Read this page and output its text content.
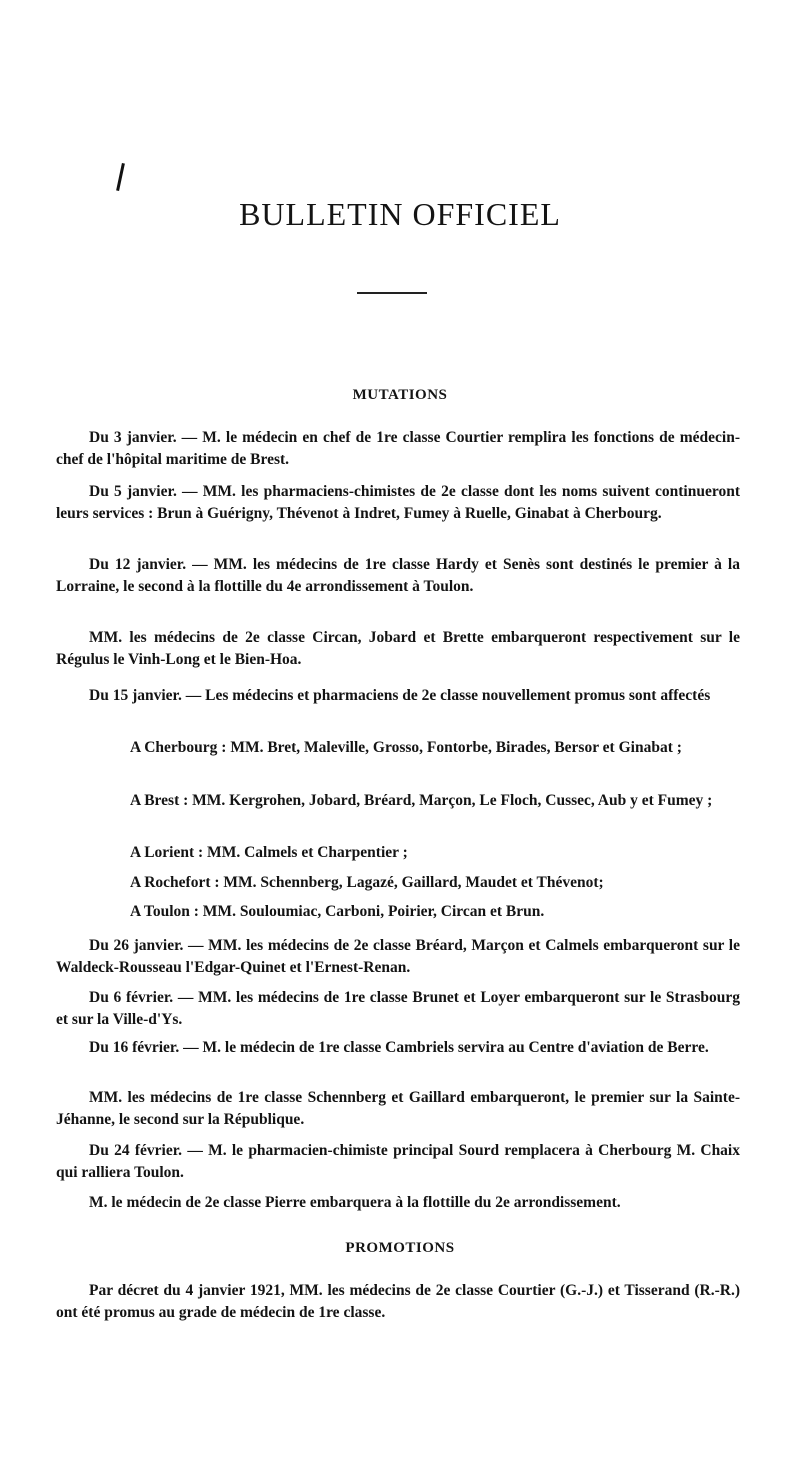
BULLETIN OFFICIEL
MUTATIONS
Du 3 janvier. — M. le médecin en chef de 1re classe Courtier remplira les fonctions de médecin-chef de l'hôpital maritime de Brest.
Du 5 janvier. — MM. les pharmaciens-chimistes de 2e classe dont les noms suivent continueront leurs services : Brun à Guérigny, Thévenot à Indret, Fumey à Ruelle, Ginabat à Cherbourg.
Du 12 janvier. — MM. les médecins de 1re classe Hardy et Senès sont destinés le premier à la Lorraine, le second à la flottille du 4e arrondissement à Toulon.
MM. les médecins de 2e classe Circan, Jobard et Brette embarqueront respectivement sur le Régulus le Vinh-Long et le Bien-Hoa.
Du 15 janvier. — Les médecins et pharmaciens de 2e classe nouvellement promus sont affectés
A Cherbourg : MM. Bret, Maleville, Grosso, Fontorbe, Birades, Bersor et Ginabat ;
A Brest : MM. Kergrohen, Jobard, Bréard, Marçon, Le Floch, Cussec, Aub y et Fumey ;
A Lorient : MM. Calmels et Charpentier ;
A Rochefort : MM. Schennberg, Lagazé, Gaillard, Maudet et Thévenot;
A Toulon : MM. Souloumiac, Carboni, Poirier, Circan et Brun.
Du 26 janvier. — MM. les médecins de 2e classe Bréard, Marçon et Calmels embarqueront sur le Waldeck-Rousseau l'Edgar-Quinet et l'Ernest-Renan.
Du 6 février. — MM. les médecins de 1re classe Brunet et Loyer embarqueront sur le Strasbourg et sur la Ville-d'Ys.
Du 16 février. — M. le médecin de 1re classe Cambriels servira au Centre d'aviation de Berre.
MM. les médecins de 1re classe Schennberg et Gaillard embarqueront, le premier sur la Sainte-Jéhanne, le second sur la République.
Du 24 février. — M. le pharmacien-chimiste principal Sourd remplacera à Cherbourg M. Chaix qui ralliera Toulon.
M. le médecin de 2e classe Pierre embarquera à la flottille du 2e arrondissement.
PROMOTIONS
Par décret du 4 janvier 1921, MM. les médecins de 2e classe Courtier (G.-J.) et Tisserand (R.-R.) ont été promus au grade de médecin de 1re classe.
